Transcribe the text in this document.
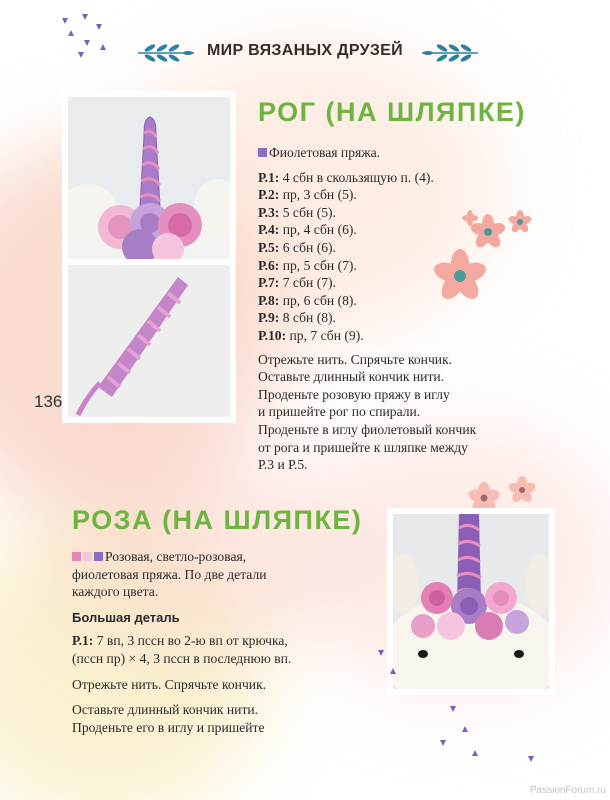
МИР ВЯЗАНЫХ ДРУЗЕЙ
136
РОГ (НА ШЛЯПКЕ)

Фиолетовая пряжа.

Р.1: 4 сбн в скользящую п. (4).

Р.2: пр, 3 сбн (5).

Р.3: 5 сбн (5).

Р.4: пр, 4 сбн (6).

Р.5: 6 сбн (6).

Р.6: пр, 5 сбн (7).

Р.7: 7 сбн (7).

Р.8: пр, 6 сбн (8).

Р.9: 8 сбн (8).

Р.10: пр, 7 сбн (9).

Отрежьте нить. Спрячьте кончик.

Оставьте длинный кончик нити.

Проденьте розовую пряжу в иглу

и пришейте рог по спирали.

Проденьте в иглу фиолетовый кончик

от рога и пришейте к шляпке между

Р.3 и Р.5.

РОЗА (НА ШЛЯПКЕ)

Розовая, светло-розовая,

фиолетовая пряжа. По две детали

каждого цвета.

Большая деталь

Р.1: 7 вп, 3 пссн во 2-ю вп от крючка,

(пссн пр) × 4, 3 пссн в последнюю вп.

Отрежьте нить. Спрячьте кончик.

Оставьте длинный кончик нити.

Проденьте его в иглу и пришейте

PassionForum.ru
